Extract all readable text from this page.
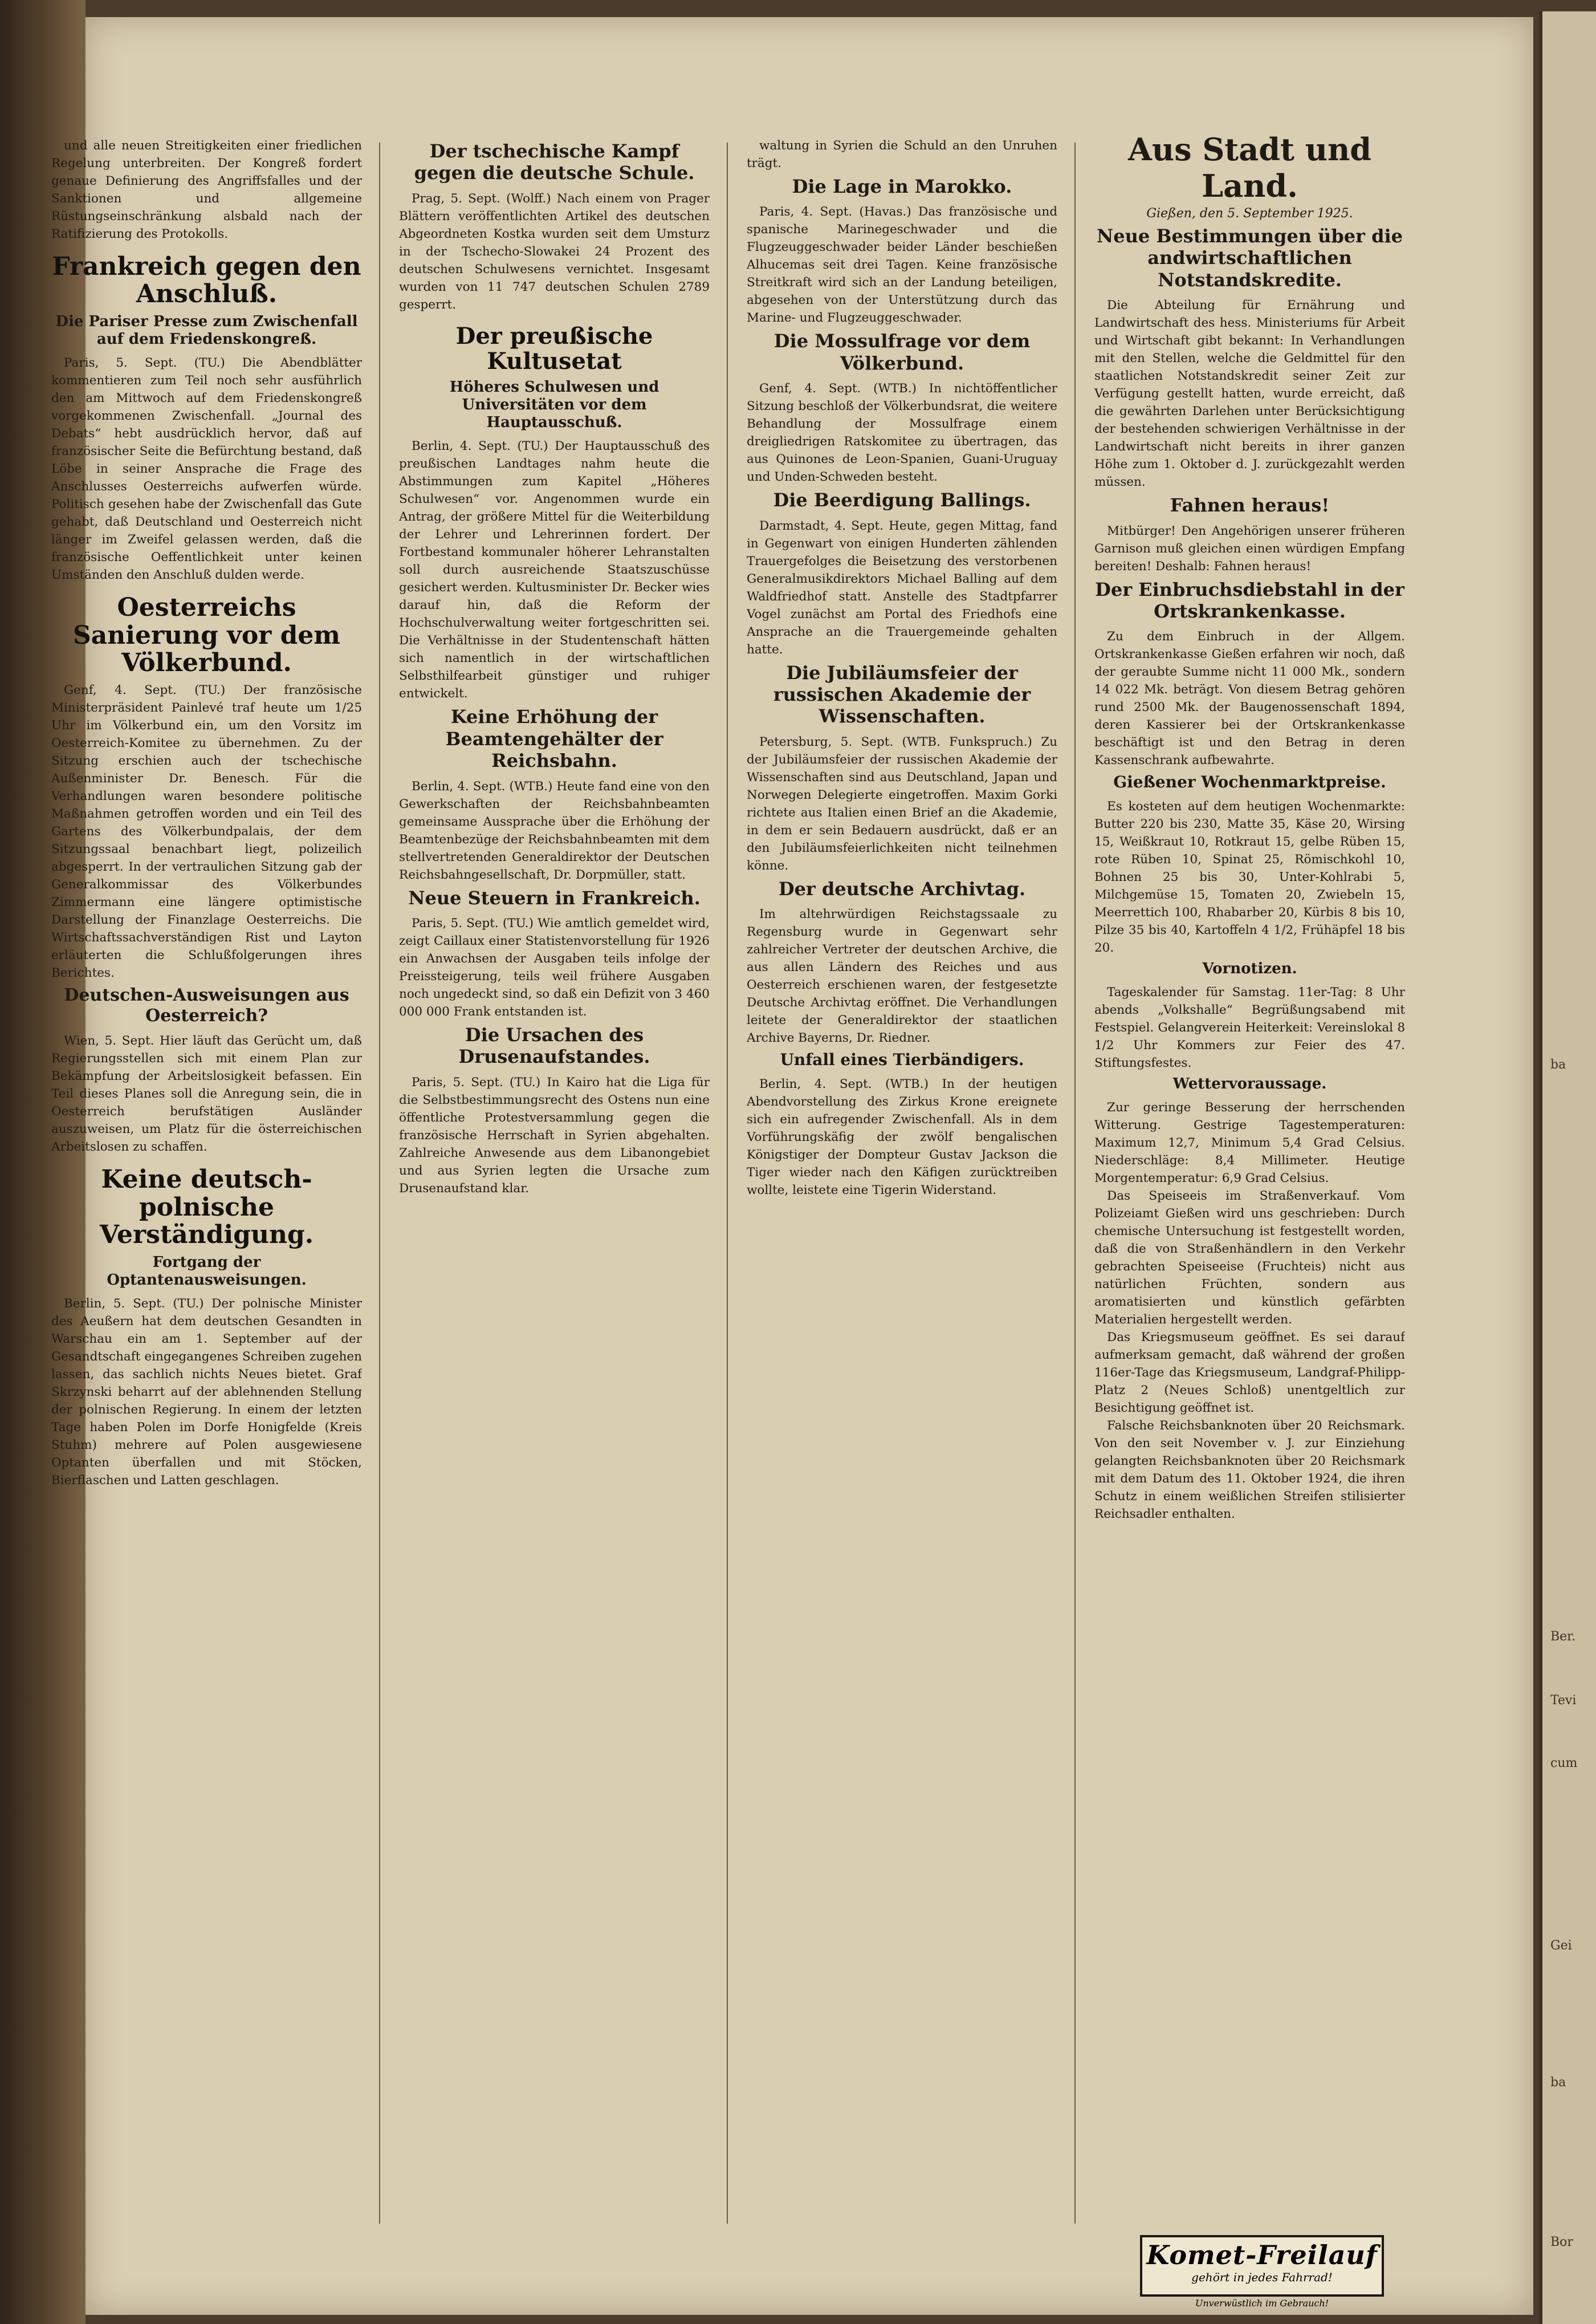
ba
Ber.
Tevi
cum
Gei
ba
Bor

und alle neuen Streitigkeiten einer friedlichen Regelung unterbreiten. Der Kongreß fordert genaue Definierung des Angriffsfalles und der Sanktionen und allgemeine Rüstungseinschränkung alsbald nach der Ratifizierung des Protokolls.

Frankreich gegen den Anschluß.
Die Pariser Presse zum Zwischenfall auf dem Friedenskongreß.

Paris, 5. Sept. (TU.) Die Abendblätter kommentieren zum Teil noch sehr ausführlich den am Mittwoch auf dem Friedenskongreß vorgekommenen Zwischenfall. „Journal des Debats“ hebt ausdrücklich hervor, daß auf französischer Seite die Befürchtung bestand, daß Löbe in seiner Ansprache die Frage des Anschlusses Oesterreichs aufwerfen würde. Politisch gesehen habe der Zwischenfall das Gute gehabt, daß Deutschland und Oesterreich nicht länger im Zweifel gelassen werden, daß die französische Oeffentlichkeit unter keinen Umständen den Anschluß dulden werde.

Oesterreichs Sanierung vor dem Völkerbund.

Genf, 4. Sept. (TU.) Der französische Ministerpräsident Painlevé traf heute um 1/25 Uhr im Völkerbund ein, um den Vorsitz im Oesterreich-Komitee zu übernehmen. Zu der Sitzung erschien auch der tschechische Außenminister Dr. Benesch. Für die Verhandlungen waren besondere politische Maßnahmen getroffen worden und ein Teil des Gartens des Völkerbundpalais, der dem Sitzungssaal benachbart liegt, polizeilich abgesperrt. In der vertraulichen Sitzung gab der Generalkommissar des Völkerbundes Zimmermann eine längere optimistische Darstellung der Finanzlage Oesterreichs. Die Wirtschaftssachverständigen Rist und Layton erläuterten die Schlußfolgerungen ihres Berichtes.

Deutschen-Ausweisungen aus Oesterreich?

Wien, 5. Sept. Hier läuft das Gerücht um, daß Regierungsstellen sich mit einem Plan zur Bekämpfung der Arbeitslosigkeit befassen. Ein Teil dieses Planes soll die Anregung sein, die in Oesterreich berufstätigen Ausländer auszuweisen, um Platz für die österreichischen Arbeitslosen zu schaffen.

Keine deutsch-polnische Verständigung.
Fortgang der Optantenausweisungen.

Berlin, 5. Sept. (TU.) Der polnische Minister des Aeußern hat dem deutschen Gesandten in Warschau ein am 1. September auf der Gesandtschaft eingegangenes Schreiben zugehen lassen, das sachlich nichts Neues bietet. Graf Skrzynski beharrt auf der ablehnenden Stellung der polnischen Regierung. In einem der letzten Tage haben Polen im Dorfe Honigfelde (Kreis Stuhm) mehrere auf Polen ausgewiesene Optanten überfallen und mit Stöcken, Bierflaschen und Latten geschlagen.

Der tschechische Kampf gegen die deutsche Schule.

Prag, 5. Sept. (Wolff.) Nach einem von Prager Blättern veröffentlichten Artikel des deutschen Abgeordneten Kostka wurden seit dem Umsturz in der Tschecho-Slowakei 24 Prozent des deutschen Schulwesens vernichtet. Insgesamt wurden von 11 747 deutschen Schulen 2789 gesperrt.

Der preußische Kultusetat
Höheres Schulwesen und Universitäten vor dem Hauptausschuß.

Berlin, 4. Sept. (TU.) Der Hauptausschuß des preußischen Landtages nahm heute die Abstimmungen zum Kapitel „Höheres Schulwesen“ vor. Angenommen wurde ein Antrag, der größere Mittel für die Weiterbildung der Lehrer und Lehrerinnen fordert. Der Fortbestand kommunaler höherer Lehranstalten soll durch ausreichende Staatszuschüsse gesichert werden. Kultusminister Dr. Becker wies darauf hin, daß die Reform der Hochschulverwaltung weiter fortgeschritten sei. Die Verhältnisse in der Studentenschaft hätten sich namentlich in der wirtschaftlichen Selbsthilfearbeit günstiger und ruhiger entwickelt.

Keine Erhöhung der Beamtengehälter der Reichsbahn.

Berlin, 4. Sept. (WTB.) Heute fand eine von den Gewerkschaften der Reichsbahnbeamten gemeinsame Aussprache über die Erhöhung der Beamtenbezüge der Reichsbahnbeamten mit dem stellvertretenden Generaldirektor der Deutschen Reichsbahngesellschaft, Dr. Dorpmüller, statt.

Neue Steuern in Frankreich.

Paris, 5. Sept. (TU.) Wie amtlich gemeldet wird, zeigt Caillaux einer Statistenvorstellung für 1926 ein Anwachsen der Ausgaben teils infolge der Preissteigerung, teils weil frühere Ausgaben noch ungedeckt sind, so daß ein Defizit von 3 460 000 000 Frank entstanden ist.

Die Ursachen des Drusenaufstandes.

Paris, 5. Sept. (TU.) In Kairo hat die Liga für die Selbstbestimmungsrecht des Ostens nun eine öffentliche Protestversammlung gegen die französische Herrschaft in Syrien abgehalten. Zahlreiche Anwesende aus dem Libanongebiet und aus Syrien legten die Ursache zum Drusenaufstand klar.

waltung in Syrien die Schuld an den Unruhen trägt.

Die Lage in Marokko.

Paris, 4. Sept. (Havas.) Das französische und spanische Marinegeschwader und die Flugzeuggeschwader beider Länder beschießen Alhucemas seit drei Tagen. Keine französische Streitkraft wird sich an der Landung beteiligen, abgesehen von der Unterstützung durch das Marine- und Flugzeuggeschwader.

Die Mossulfrage vor dem Völkerbund.

Genf, 4. Sept. (WTB.) In nichtöffentlicher Sitzung beschloß der Völkerbundsrat, die weitere Behandlung der Mossulfrage einem dreigliedrigen Ratskomitee zu übertragen, das aus Quinones de Leon-Spanien, Guani-Uruguay und Unden-Schweden besteht.

Die Beerdigung Ballings.

Darmstadt, 4. Sept. Heute, gegen Mittag, fand in Gegenwart von einigen Hunderten zählenden Trauergefolges die Beisetzung des verstorbenen Generalmusikdirektors Michael Balling auf dem Waldfriedhof statt. Anstelle des Stadtpfarrer Vogel zunächst am Portal des Friedhofs eine Ansprache an die Trauergemeinde gehalten hatte.

Die Jubiläumsfeier der russischen Akademie der Wissenschaften.

Petersburg, 5. Sept. (WTB. Funkspruch.) Zu der Jubiläumsfeier der russischen Akademie der Wissenschaften sind aus Deutschland, Japan und Norwegen Delegierte eingetroffen. Maxim Gorki richtete aus Italien einen Brief an die Akademie, in dem er sein Bedauern ausdrückt, daß er an den Jubiläumsfeierlichkeiten nicht teilnehmen könne.

Der deutsche Archivtag.

Im altehrwürdigen Reichstagssaale zu Regensburg wurde in Gegenwart sehr zahlreicher Vertreter der deutschen Archive, die aus allen Ländern des Reiches und aus Oesterreich erschienen waren, der festgesetzte Deutsche Archivtag eröffnet. Die Verhandlungen leitete der Generaldirektor der staatlichen Archive Bayerns, Dr. Riedner.

Unfall eines Tierbändigers.

Berlin, 4. Sept. (WTB.) In der heutigen Abendvorstellung des Zirkus Krone ereignete sich ein aufregender Zwischenfall. Als in dem Vorführungskäfig der zwölf bengalischen Königstiger der Dompteur Gustav Jackson die Tiger wieder nach den Käfigen zurücktreiben wollte, leistete eine Tigerin Widerstand.

Aus Stadt und Land.
Gießen, den 5. September 1925.
Neue Bestimmungen über die andwirtschaftlichen Notstandskredite.

Die Abteilung für Ernährung und Landwirtschaft des hess. Ministeriums für Arbeit und Wirtschaft gibt bekannt: In Verhandlungen mit den Stellen, welche die Geldmittel für den staatlichen Notstandskredit seiner Zeit zur Verfügung gestellt hatten, wurde erreicht, daß die gewährten Darlehen unter Berücksichtigung der bestehenden schwierigen Verhältnisse in der Landwirtschaft nicht bereits in ihrer ganzen Höhe zum 1. Oktober d. J. zurückgezahlt werden müssen.

Fahnen heraus!

Mitbürger! Den Angehörigen unserer früheren Garnison muß gleichen einen würdigen Empfang bereiten! Deshalb: Fahnen heraus!

Der Einbruchsdiebstahl in der Ortskrankenkasse.

Zu dem Einbruch in der Allgem. Ortskrankenkasse Gießen erfahren wir noch, daß der geraubte Summe nicht 11 000 Mk., sondern 14 022 Mk. beträgt. Von diesem Betrag gehören rund 2500 Mk. der Baugenossenschaft 1894, deren Kassierer bei der Ortskrankenkasse beschäftigt ist und den Betrag in deren Kassenschrank aufbewahrte.

Gießener Wochenmarktpreise.

Es kosteten auf dem heutigen Wochenmarkte: Butter 220 bis 230, Matte 35, Käse 20, Wirsing 15, Weißkraut 10, Rotkraut 15, gelbe Rüben 15, rote Rüben 10, Spinat 25, Römischkohl 10, Bohnen 25 bis 30, Unter-Kohlrabi 5, Milchgemüse 15, Tomaten 20, Zwiebeln 15, Meerrettich 100, Rhabarber 20, Kürbis 8 bis 10, Pilze 35 bis 40, Kartoffeln 4 1/2, Frühäpfel 18 bis 20.

Vornotizen.

Tageskalender für Samstag. 11er-Tag: 8 Uhr abends „Volkshalle“ Begrüßungsabend mit Festspiel. Gelangverein Heiterkeit: Vereinslokal 8 1/2 Uhr Kommers zur Feier des 47. Stiftungsfestes.

Wettervoraussage.

Zur geringe Besserung der herrschenden Witterung. Gestrige Tagestemperaturen: Maximum 12,7, Minimum 5,4 Grad Celsius. Niederschläge: 8,4 Millimeter. Heutige Morgentemperatur: 6,9 Grad Celsius.

Das Speiseeis im Straßenverkauf. Vom Polizeiamt Gießen wird uns geschrieben: Durch chemische Untersuchung ist festgestellt worden, daß die von Straßenhändlern in den Verkehr gebrachten Speiseeise (Fruchteis) nicht aus natürlichen Früchten, sondern aus aromatisierten und künstlich gefärbten Materialien hergestellt werden.

Das Kriegsmuseum geöffnet. Es sei darauf aufmerksam gemacht, daß während der großen 116er-Tage das Kriegsmuseum, Landgraf-Philipp-Platz 2 (Neues Schloß) unentgeltlich zur Besichtigung geöffnet ist.

Falsche Reichsbanknoten über 20 Reichsmark. Von den seit November v. J. zur Einziehung gelangten Reichsbanknoten über 20 Reichsmark mit dem Datum des 11. Oktober 1924, die ihren Schutz in einem weißlichen Streifen stilisierter Reichsadler enthalten.

Komet-Freilauf
gehört in jedes Fahrrad!
Unverwüstlich im Gebrauch!
